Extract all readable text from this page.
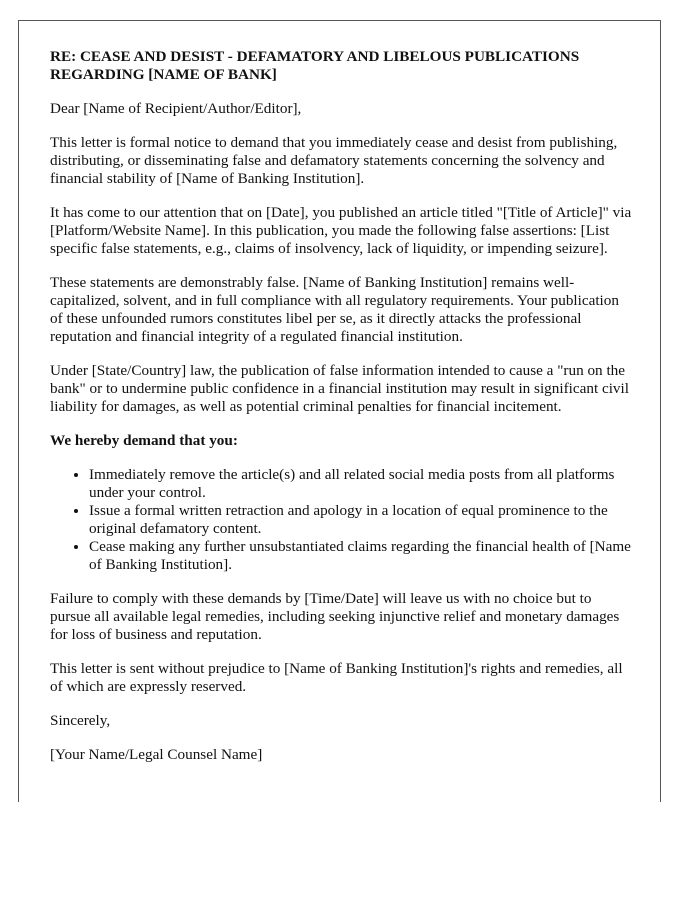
RE: CEASE AND DESIST - DEFAMATORY AND LIBELOUS PUBLICATIONS REGARDING [NAME OF BANK]

Dear [Name of Recipient/Author/Editor],

This letter is formal notice to demand that you immediately cease and desist from publishing, distributing, or disseminating false and defamatory statements concerning the solvency and financial stability of [Name of Banking Institution].

It has come to our attention that on [Date], you published an article titled "[Title of Article]" via [Platform/Website Name]. In this publication, you made the following false assertions: [List specific false statements, e.g., claims of insolvency, lack of liquidity, or impending seizure].

These statements are demonstrably false. [Name of Banking Institution] remains well-capitalized, solvent, and in full compliance with all regulatory requirements. Your publication of these unfounded rumors constitutes libel per se, as it directly attacks the professional reputation and financial integrity of a regulated financial institution.

Under [State/Country] law, the publication of false information intended to cause a "run on the bank" or to undermine public confidence in a financial institution may result in significant civil liability for damages, as well as potential criminal penalties for financial incitement.

We hereby demand that you:

• Immediately remove the article(s) and all related social media posts from all platforms under your control.
• Issue a formal written retraction and apology in a location of equal prominence to the original defamatory content.
• Cease making any further unsubstantiated claims regarding the financial health of [Name of Banking Institution].

Failure to comply with these demands by [Time/Date] will leave us with no choice but to pursue all available legal remedies, including seeking injunctive relief and monetary damages for loss of business and reputation.

This letter is sent without prejudice to [Name of Banking Institution]'s rights and remedies, all of which are expressly reserved.

Sincerely,

[Your Name/Legal Counsel Name]
